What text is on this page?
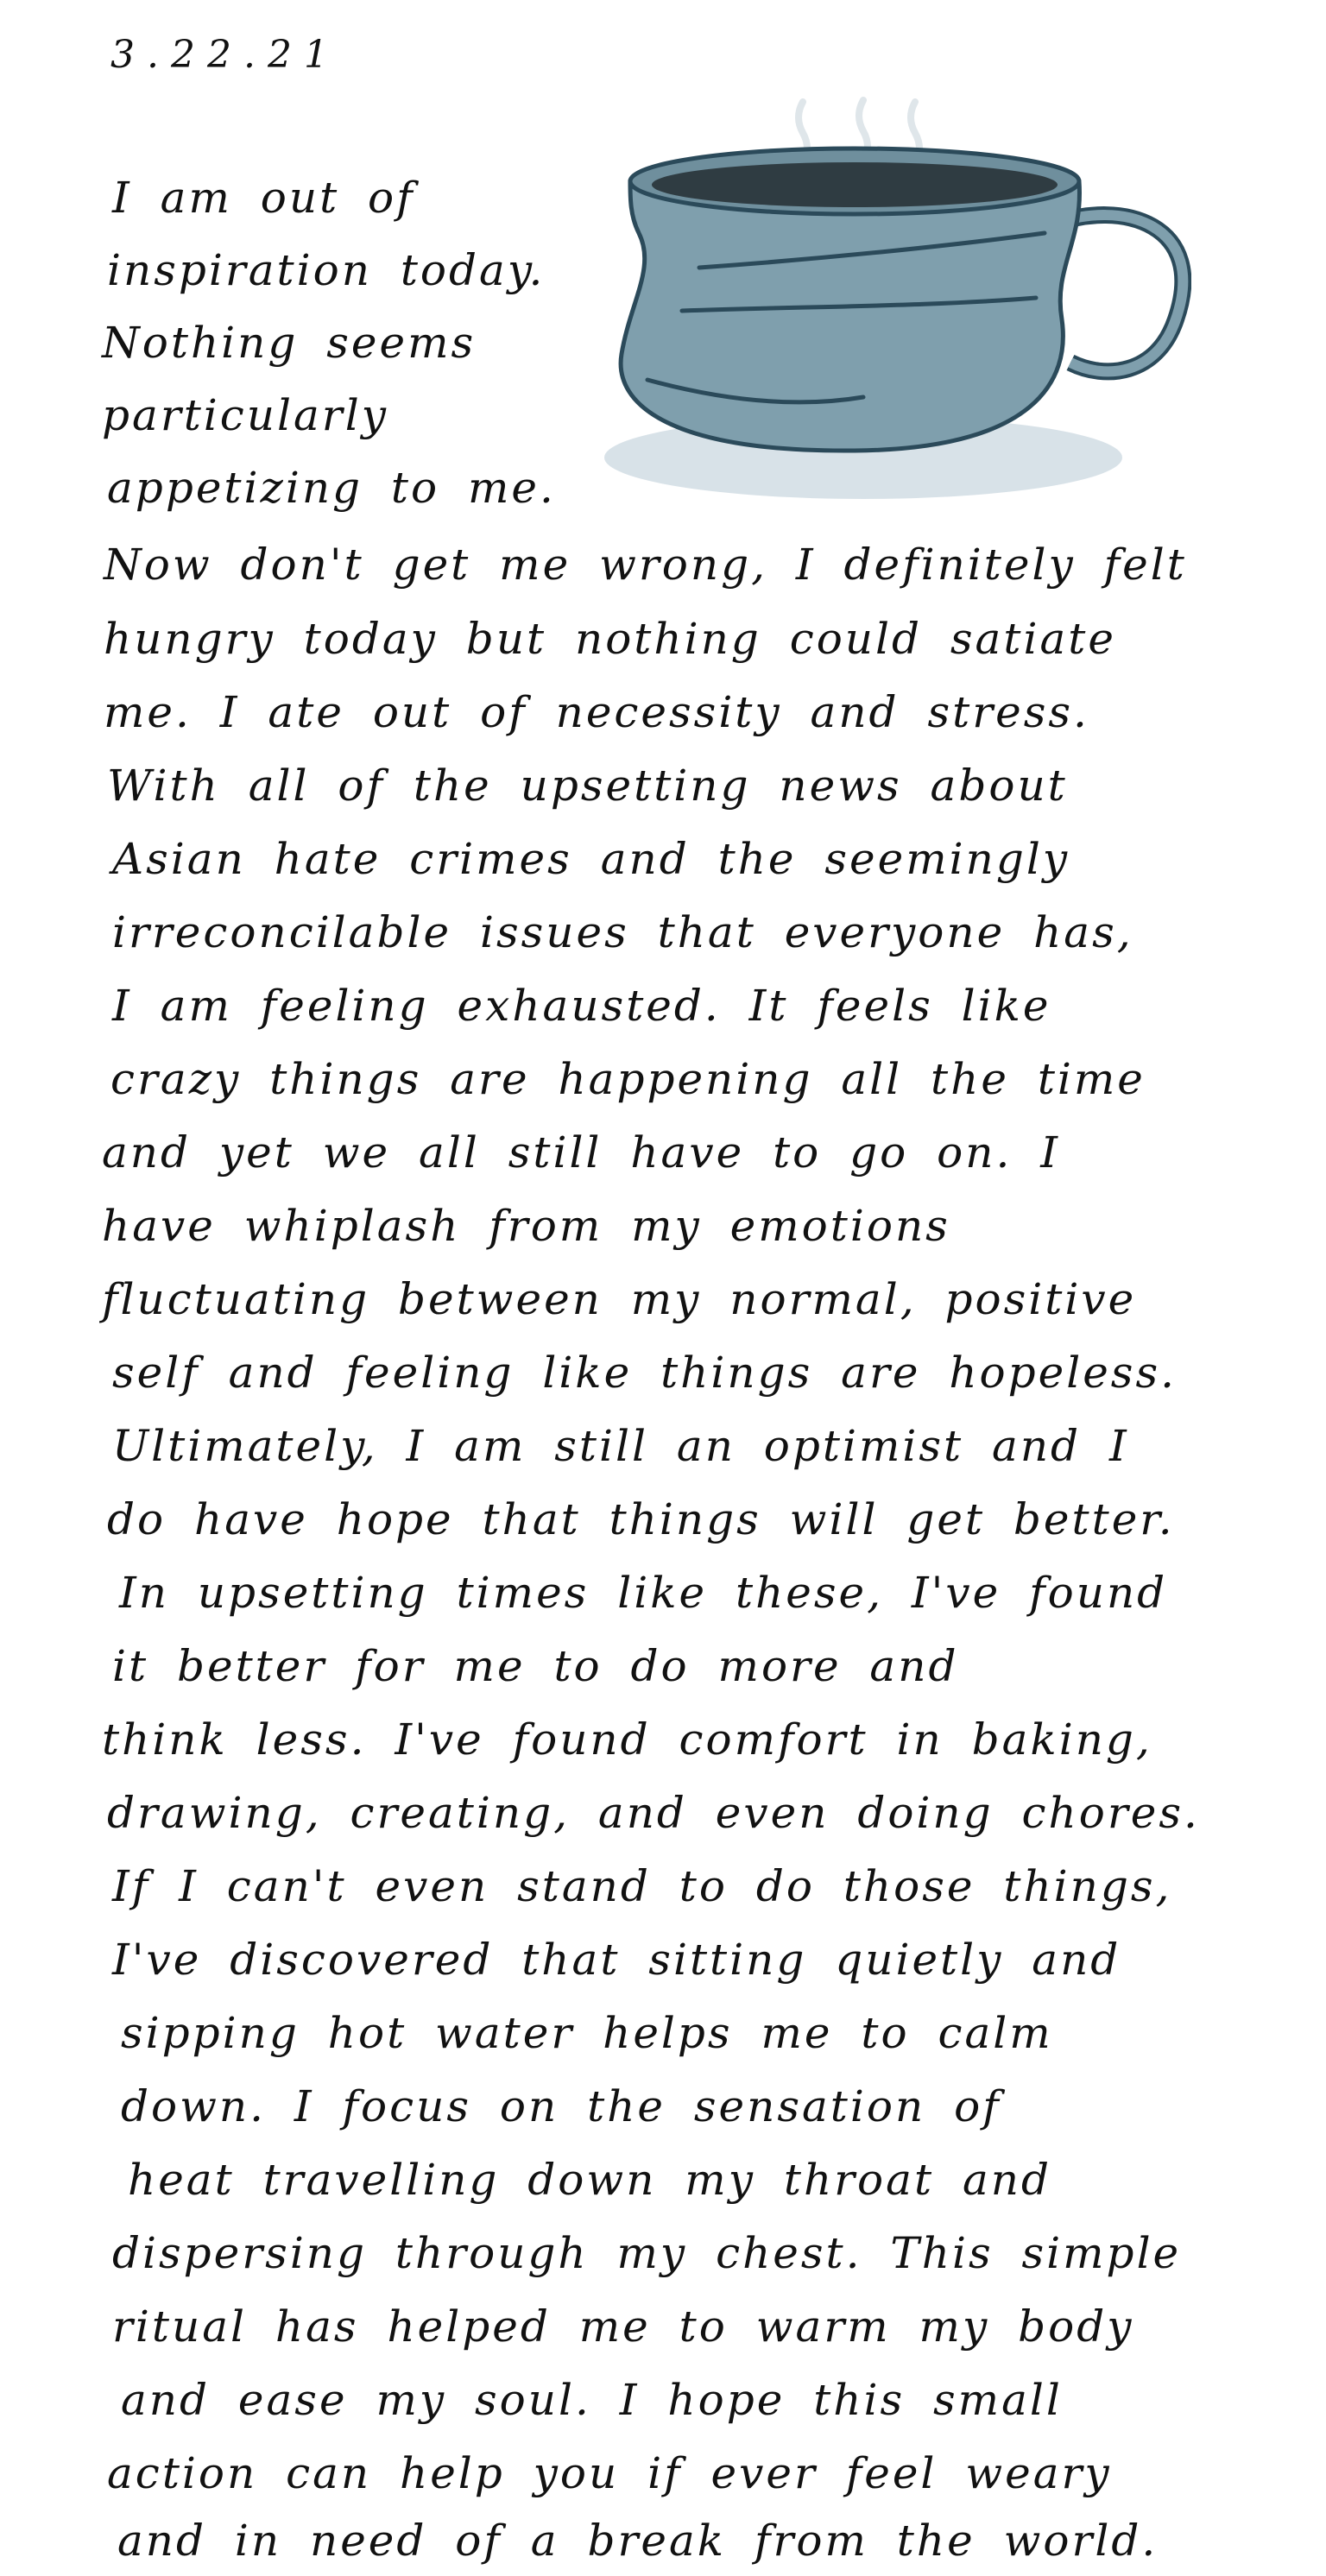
3.22.21
I am out of
inspiration today.
Nothing seems
particularly
appetizing to me.
Now don't get me wrong, I definitely felt
hungry today but nothing could satiate
me. I ate out of necessity and stress.
With all of the upsetting news about
Asian hate crimes and the seemingly
irreconcilable issues that everyone has,
I am feeling exhausted. It feels like
crazy things are happening all the time
and yet we all still have to go on. I
have whiplash from my emotions
fluctuating between my normal, positive
self and feeling like things are hopeless.
Ultimately, I am still an optimist and I
do have hope that things will get better.
In upsetting times like these, I've found
it better for me to do more and
think less. I've found comfort in baking,
drawing, creating, and even doing chores.
If I can't even stand to do those things,
I've discovered that sitting quietly and
sipping hot water helps me to calm
down. I focus on the sensation of
heat travelling down my throat and
dispersing through my chest. This simple
ritual has helped me to warm my body
and ease my soul. I hope this small
action can help you if ever feel weary
and in need of a break from the world.
